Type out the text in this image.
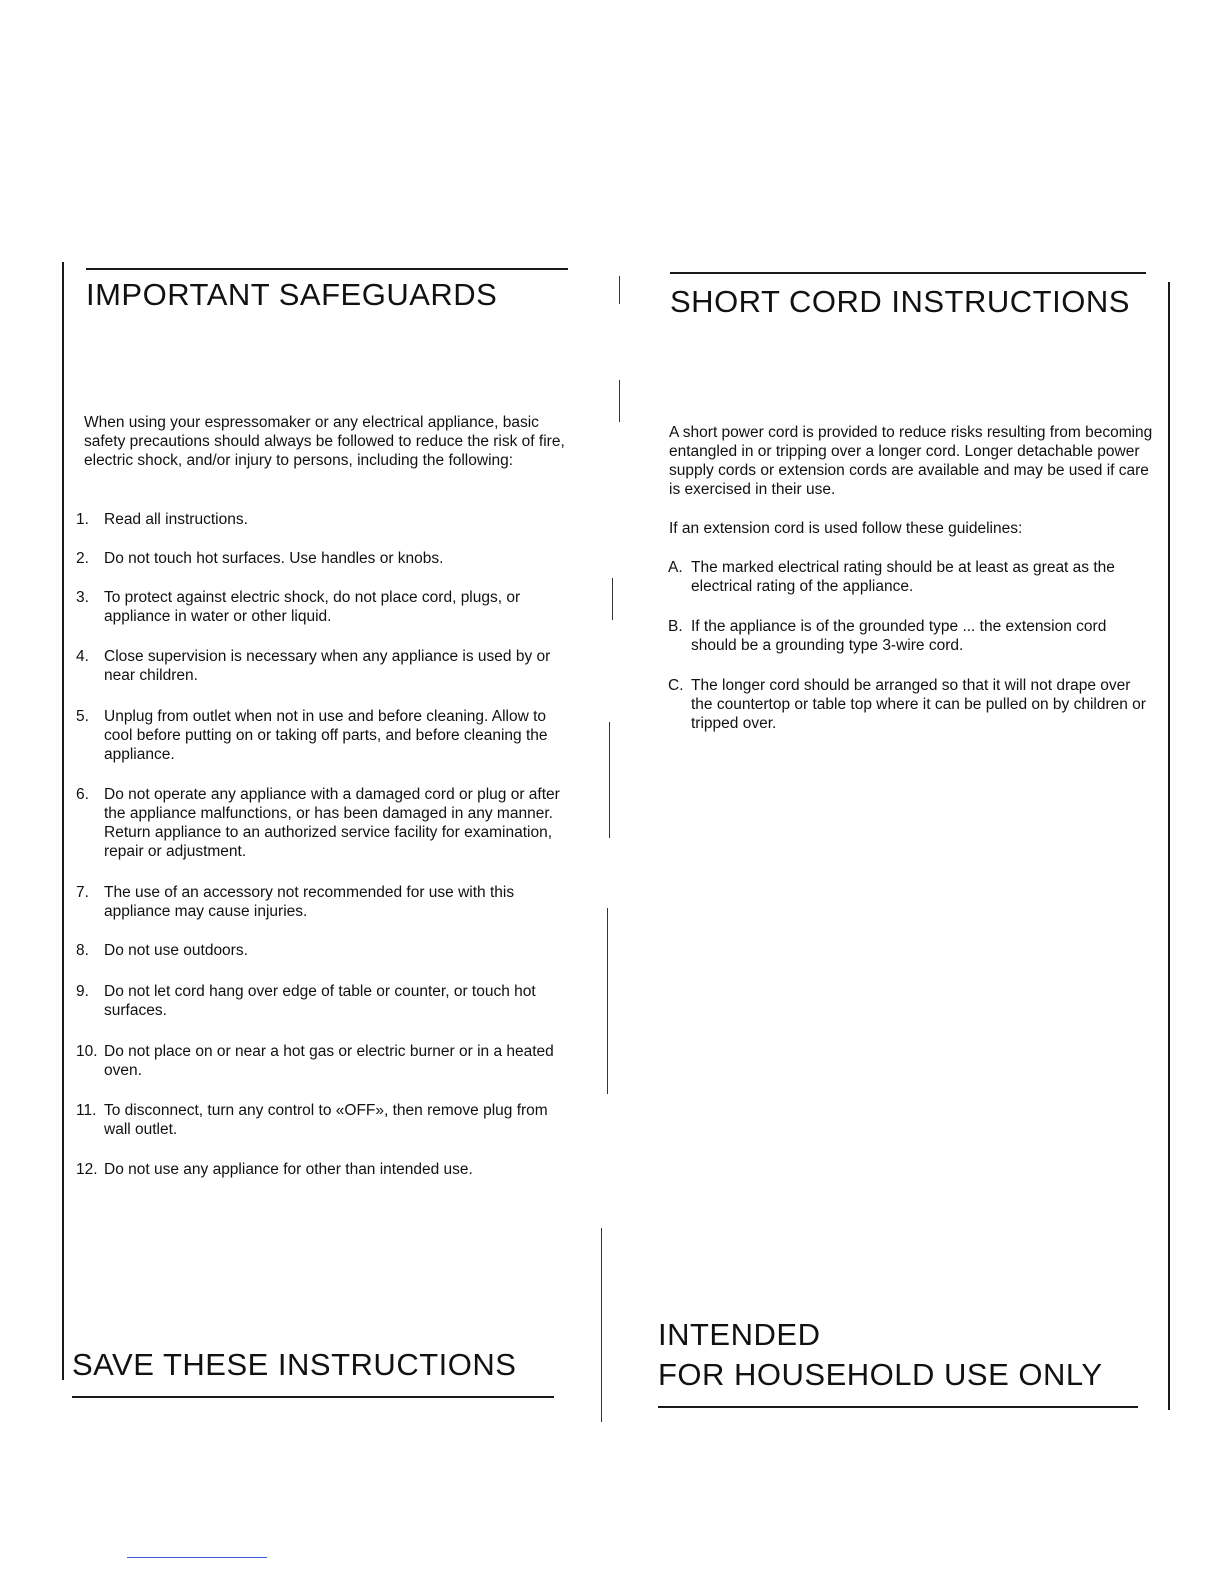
IMPORTANT SAFEGUARDS

When using your espressomaker or any electrical appliance, basic safety precautions should always be followed to reduce the risk of fire, electric shock, and/or injury to persons, including the following:

1. Read all instructions.
2. Do not touch hot surfaces. Use handles or knobs.
3. To protect against electric shock, do not place cord, plugs, or appliance in water or other liquid.
4. Close supervision is necessary when any appliance is used by or near children.
5. Unplug from outlet when not in use and before cleaning. Allow to cool before putting on or taking off parts, and before cleaning the appliance.
6. Do not operate any appliance with a damaged cord or plug or after the appliance malfunctions, or has been damaged in any manner. Return appliance to an authorized service facility for examination, repair or adjustment.
7. The use of an accessory not recommended for use with this appliance may cause injuries.
8. Do not use outdoors.
9. Do not let cord hang over edge of table or counter, or touch hot surfaces.
10. Do not place on or near a hot gas or electric burner or in a heated oven.
11. To disconnect, turn any control to «OFF», then remove plug from wall outlet.
12. Do not use any appliance for other than intended use.
SAVE THESE INSTRUCTIONS
SHORT CORD INSTRUCTIONS

A short power cord is provided to reduce risks resulting from becoming entangled in or tripping over a longer cord. Longer detachable power supply cords or extension cords are available and may be used if care is exercised in their use.

If an extension cord is used follow these guidelines:

A. The marked electrical rating should be at least as great as the electrical rating of the appliance.
B. If the appliance is of the grounded type ... the extension cord should be a grounding type 3-wire cord.
C. The longer cord should be arranged so that it will not drape over the countertop or table top where it can be pulled on by children or tripped over.
INTENDED
FOR HOUSEHOLD USE ONLY
